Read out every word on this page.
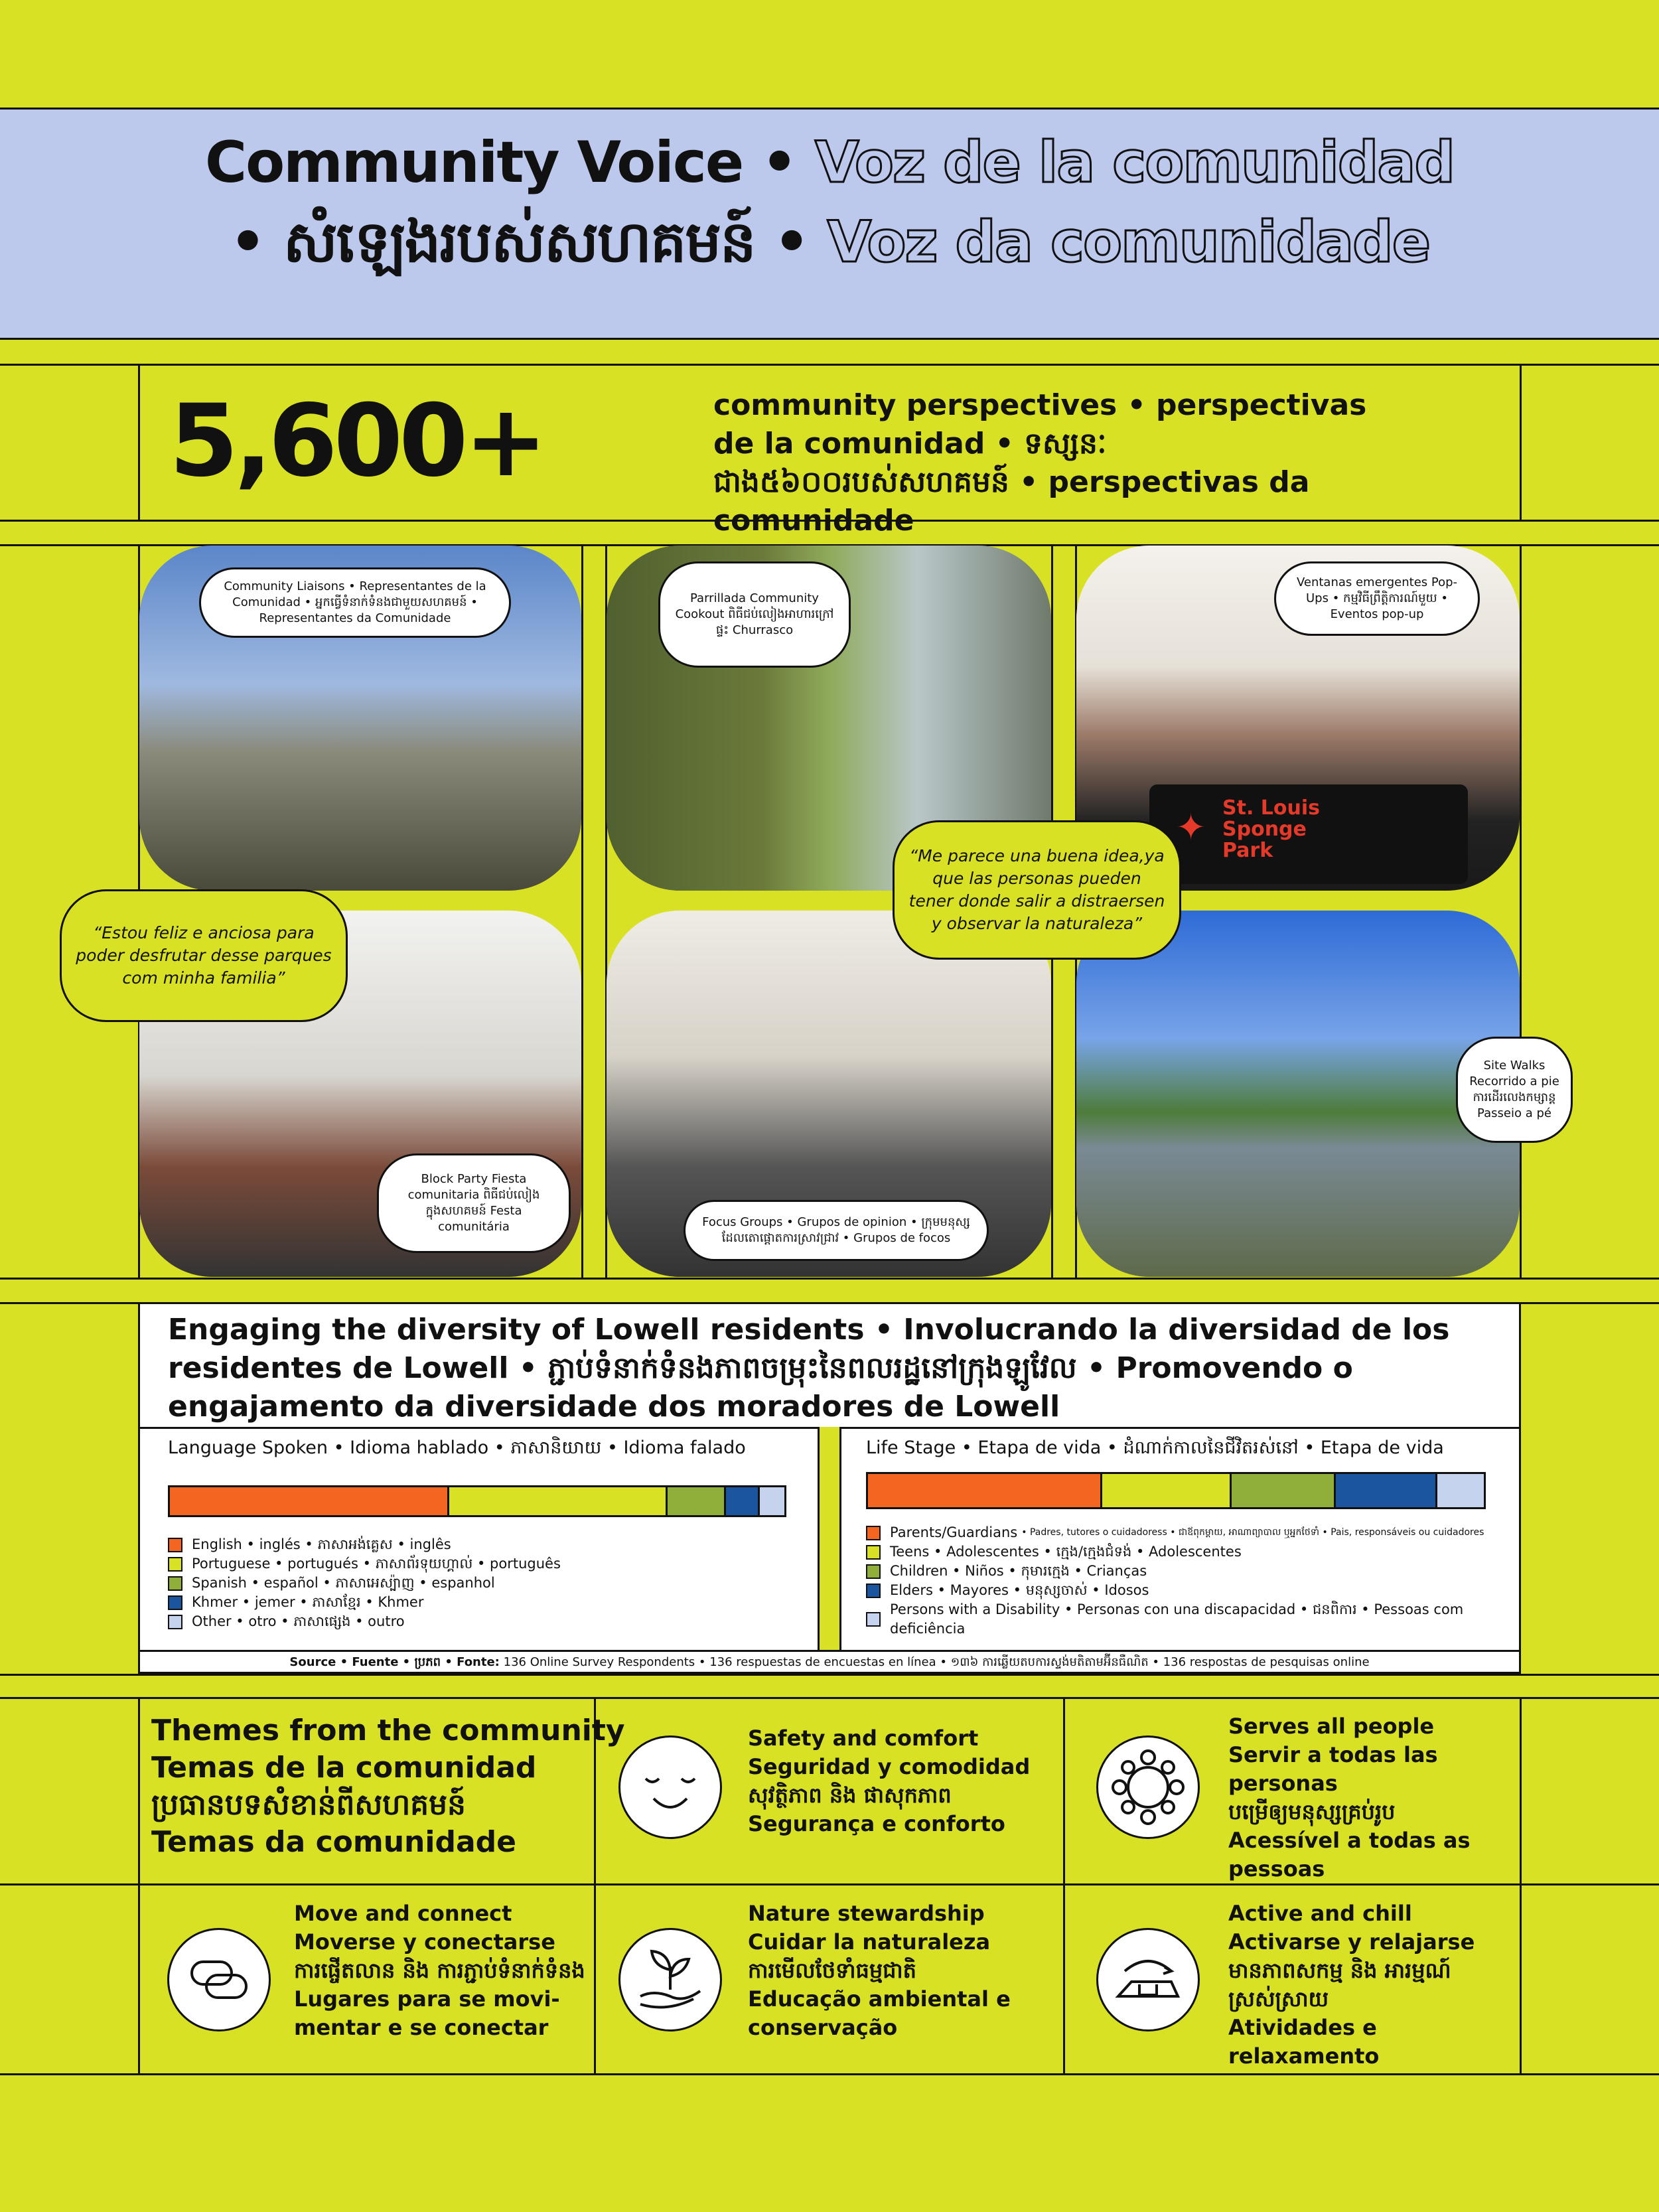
Community Voice • Voz de la comunidad • សំឡេងរបស់សហគមន៍ • Voz da comunidade
5,600+	community perspectives • perspectivas de la comunidad • ទស្សនៈជាង៥៦០០របស់សហគមន៍ • perspectivas da comunidade
✦ St. Louis Sponge Park
Community Liaisons • Representantes de la Comunidad • អ្នកធ្វើទំនាក់ទំនងជាមួយសហគមន៍ • Representantes da Comunidade
Parrillada Community Cookout ពិធីជប់លៀងអាហារក្រៅផ្ទះ Churrasco
Ventanas emergentes Pop-Ups • កម្មវិធីព្រឹត្តិការណ៍មួយ • Eventos pop-up
“Estou feliz e anciosa para poder desfrutar desse parques com minha familia”
“Me parece una buena idea,ya que las personas pueden tener donde salir a distraersen y observar la naturaleza”
Block Party Fiesta comunitaria ពិធីជប់លៀងក្នុងសហគមន៍ Festa comunitária	Focus Groups • Grupos de opinion • ក្រុមមនុស្ស ដែលតោផ្តោតការស្រាវជ្រាវ • Grupos de focos
Site Walks Recorrido a pie ការដើរលេងកម្សាន្ត Passeio a pé
Engaging the diversity of Lowell residents • Involucrando la diversidad de los residentes de Lowell • ភ្ជាប់ទំនាក់ទំនងភាពចម្រុះនៃពលរដ្ឋនៅក្រុងឡូវែល • Promovendo o engajamento da diversidade dos moradores de Lowell
Language Spoken • Idioma hablado • ភាសានិយាយ • Idioma falado	Life Stage • Etapa de vida • ដំណាក់កាលនៃជីវិតរស់នៅ • Etapa de vida
English • inglés • ភាសាអង់គ្លេស • inglês
Portuguese • portugués • ភាសាព័រទុយហ្គាល់ • português
Spanish • español • ភាសាអេស្ប៉ាញ • espanhol
Khmer • jemer • ភាសាខ្មែរ • Khmer
Other • otro • ភាសាផ្សេង • outro
Parents/Guardians • Padres, tutores o cuidadoress • ជាឪពុកម្តាយ, អាណាព្យាបាល ឬអ្នកថែទាំ • Pais, responsáveis ou cuidadores
Teens • Adolescentes • ក្មេង/ក្មេងជំទង់ • Adolescentes
Children • Niños • កុមារក្មេង • Crianças
Elders • Mayores • មនុស្សចាស់ • Idosos
Persons with a Disability • Personas con una discapacidad • ជនពិការ • Pessoas com deficiência
Source • Fuente • ប្រភព • Fonte: 136 Online Survey Respondents • 136 respuestas de encuestas en línea • ១៣៦ ការឆ្លើយតបការស្ទង់មតិតាមអ៊ីនធឺណិត • 136 respostas de pesquisas online
Themes from the community
Temas de la comunidad
ប្រធានបទសំខាន់ពីសហគមន៍
Temas da comunidade
Safety and comfort
Seguridad y comodidad
សុវត្ថិភាព និង ផាសុកភាព
Segurança e conforto
Serves all people
Servir a todas las personas
បម្រើឲ្យមនុស្សគ្រប់រូប
Acessível a todas as pessoas
Move and connect
Moverse y conectarse
ការផ្ចើតលាន និង ការភ្ជាប់ទំនាក់ទំនង
Lugares para se movi-mentar e se conectar
Nature stewardship
Cuidar la naturaleza
ការមើលថែទាំធម្មជាតិ
Educação ambiental e conservação
Active and chill
Activarse y relajarse
មានភាពសកម្ម និង អារម្មណ៍ស្រស់ស្រាយ
Atividades e relaxamento
